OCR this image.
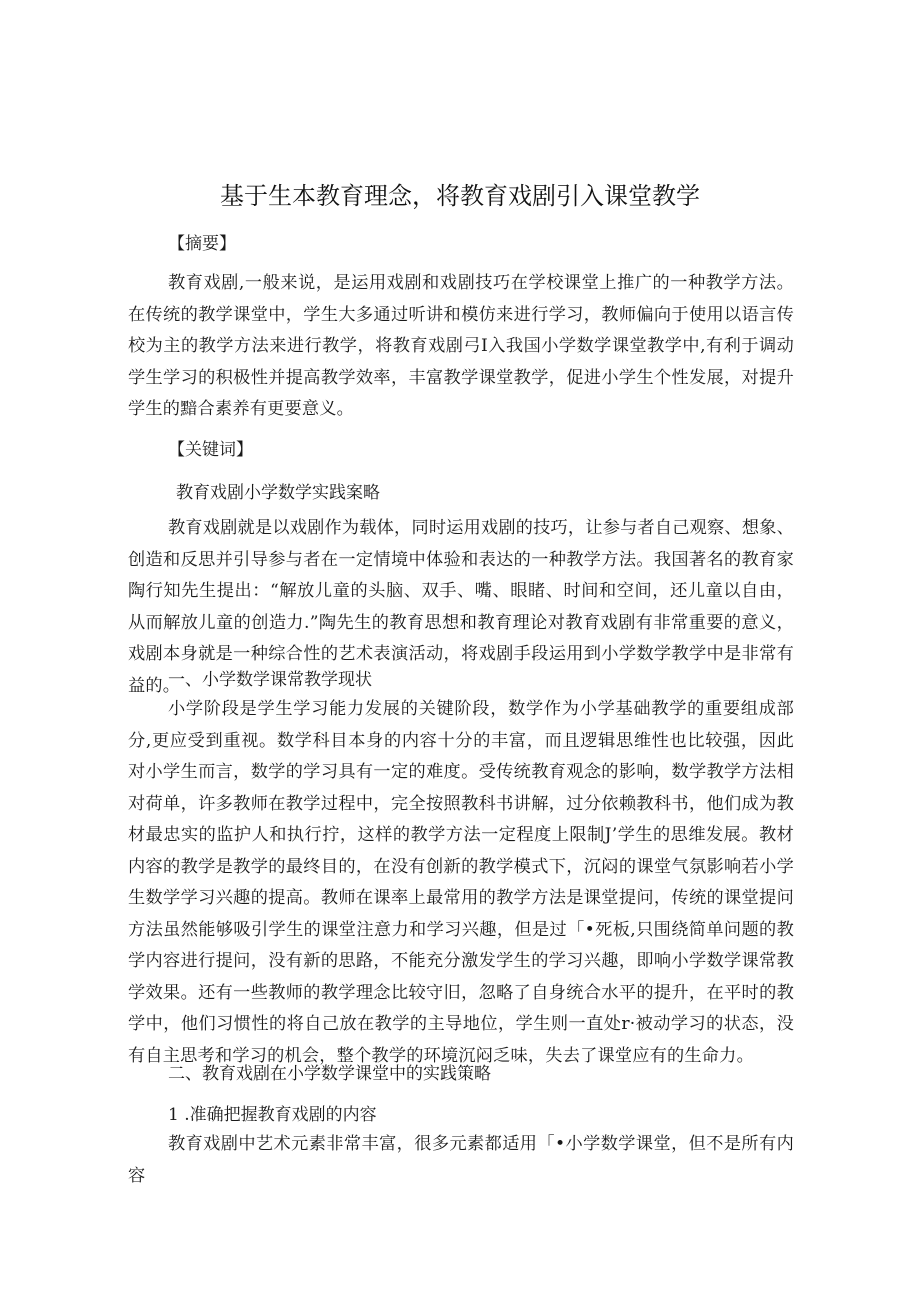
基于生本教育理念，将教育戏剧引入课堂教学
【摘要】
教育戏剧,一般来说，是运用戏剧和戏剧技巧在学校课堂上推广的一种教学方法。在传统的教学课堂中，学生大多通过听讲和模仿来进行学习，教师偏向于使用以语言传校为主的教学方法来进行教学，将教育戏剧弓I入我国小学数学课堂教学中,有利于调动学生学习的积极性并提高教学效率，丰富教学课堂教学，促进小学生个性发展，对提升学生的黯合素养有更要意义。
【关键词】
教育戏剧小学数学实践案略
教育戏剧就是以戏剧作为载体，同时运用戏剧的技巧，让参与者自己观察、想象、创造和反思并引导参与者在一定情境中体验和表达的一种教学方法。我国著名的教育家陶行知先生提出：“解放儿童的头脑、双手、嘴、眼睹、时间和空间，还儿童以自由，从而解放儿童的创造力.”陶先生的教育思想和教育理论对教育戏剧有非常重要的意义，戏剧本身就是一种综合性的艺术表演活动，将戏剧手段运用到小学数学教学中是非常有益的。
一、小学数学课常教学现状
小学阶段是学生学习能力发展的关键阶段，数学作为小学基础教学的重要组成部分,更应受到重视。数学科目本身的内容十分的丰富，而且逻辑思维性也比较强，因此对小学生而言，数学的学习具有一定的难度。受传统教育观念的影响，数学教学方法相对荷单，许多教师在教学过程中，完全按照教科书讲解，过分依赖教科书，他们成为教材最忠实的监护人和执行拧，这样的教学方法一定程度上限制J’学生的思维发展。教材内容的教学是教学的最终目的，在没有创新的教学模式下，沉闷的课堂气氛影响若小学生数学学习兴趣的提高。教师在课率上最常用的教学方法是课堂提问，传统的课堂提问方法虽然能够吸引学生的课堂注意力和学习兴趣，但是过「•死板,只围绕简单问题的教学内容进行提问，没有新的思路，不能充分激发学生的学习兴趣，即响小学数学课常教学效果。还有一些教师的教学理念比较守旧，忽略了自身统合水平的提升，在平时的教学中，他们习惯性的将自己放在教学的主导地位，学生则一直处r·被动学习的状态，没有自主思考和学习的机会，整个教学的环境沉闷乏味，失去了课堂应有的生命力。
二、教育戏剧在小学数学课堂中的实践策略
1 .准确把握教育戏剧的内容
教育戏剧中艺术元素非常丰富，很多元素都适用「•小学数学课堂，但不是所有内容
